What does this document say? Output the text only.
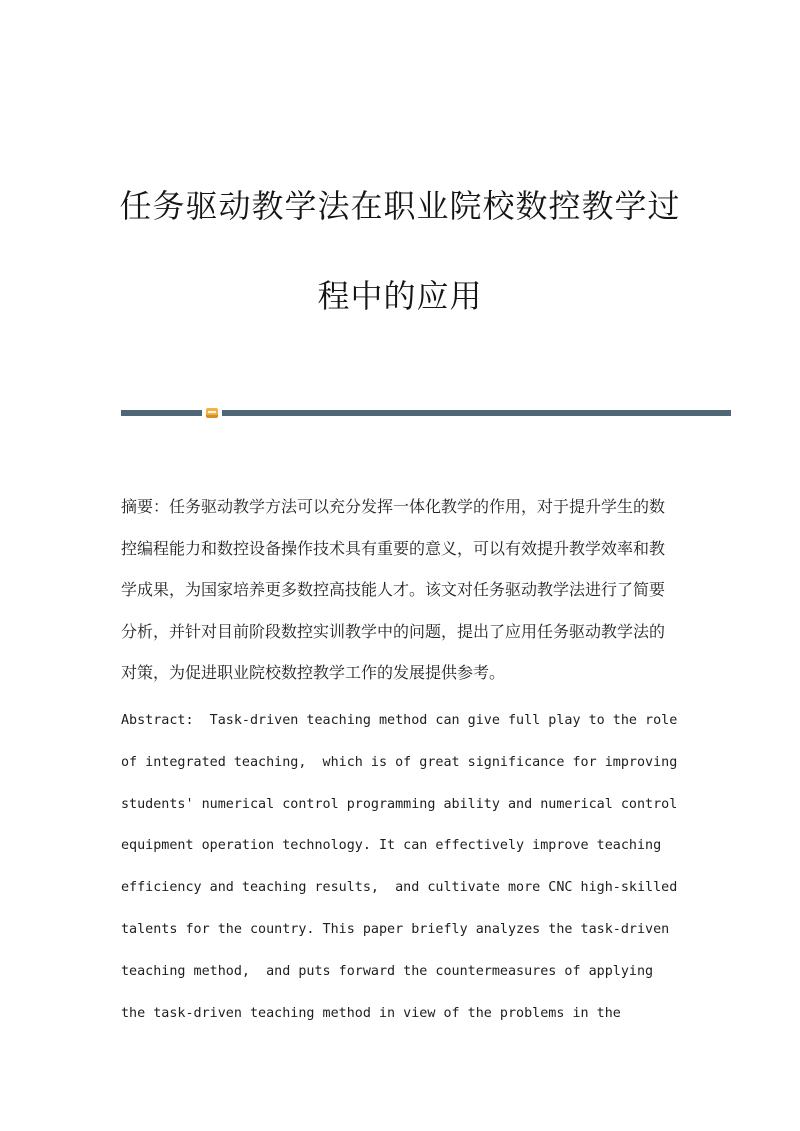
任务驱动教学法在职业院校数控教学过
程中的应用
摘要：任务驱动教学方法可以充分发挥一体化教学的作用，对于提升学生的数
控编程能力和数控设备操作技术具有重要的意义，可以有效提升教学效率和教
学成果，为国家培养更多数控高技能人才。该文对任务驱动教学法进行了简要
分析，并针对目前阶段数控实训教学中的问题，提出了应用任务驱动教学法的
对策，为促进职业院校数控教学工作的发展提供参考。
Abstract:  Task-driven teaching method can give full play to the role
of integrated teaching,  which is of great significance for improving
students' numerical control programming ability and numerical control
equipment operation technology. It can effectively improve teaching
efficiency and teaching results,  and cultivate more CNC high-skilled
talents for the country. This paper briefly analyzes the task-driven
teaching method,  and puts forward the countermeasures of applying
the task-driven teaching method in view of the problems in the
